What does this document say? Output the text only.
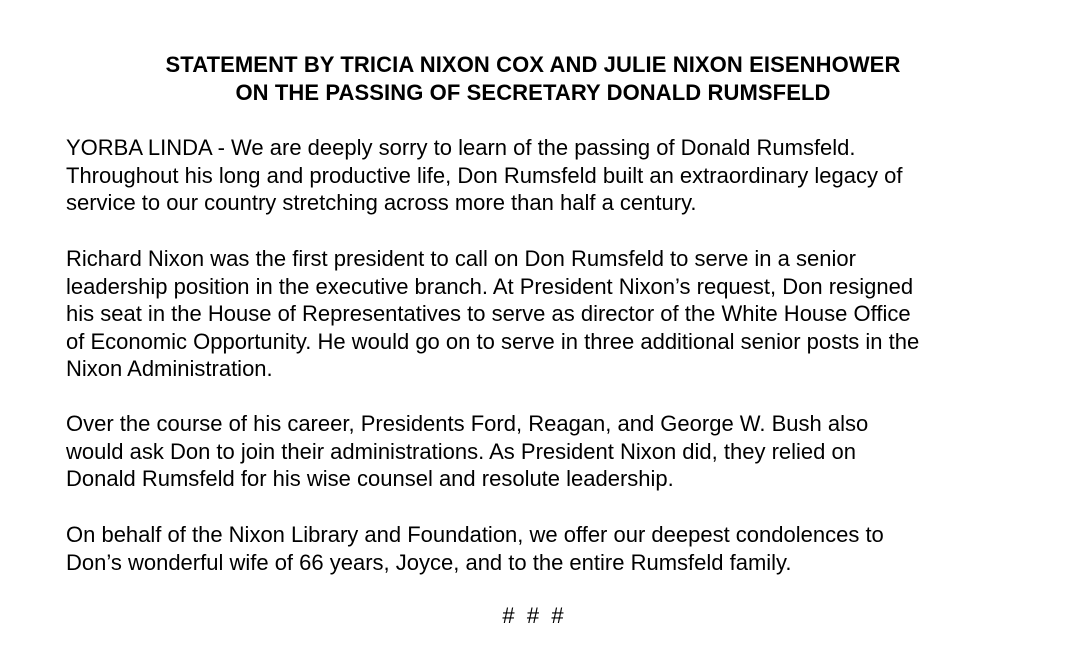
STATEMENT BY TRICIA NIXON COX AND JULIE NIXON EISENHOWER
ON THE PASSING OF SECRETARY DONALD RUMSFELD

YORBA LINDA - We are deeply sorry to learn of the passing of Donald Rumsfeld.
Throughout his long and productive life, Don Rumsfeld built an extraordinary legacy of
service to our country stretching across more than half a century.

Richard Nixon was the first president to call on Don Rumsfeld to serve in a senior
leadership position in the executive branch. At President Nixon’s request, Don resigned
his seat in the House of Representatives to serve as director of the White House Office
of Economic Opportunity. He would go on to serve in three additional senior posts in the
Nixon Administration.

Over the course of his career, Presidents Ford, Reagan, and George W. Bush also
would ask Don to join their administrations. As President Nixon did, they relied on
Donald Rumsfeld for his wise counsel and resolute leadership.

On behalf of the Nixon Library and Foundation, we offer our deepest condolences to
Don’s wonderful wife of 66 years, Joyce, and to the entire Rumsfeld family.

#  #  #
